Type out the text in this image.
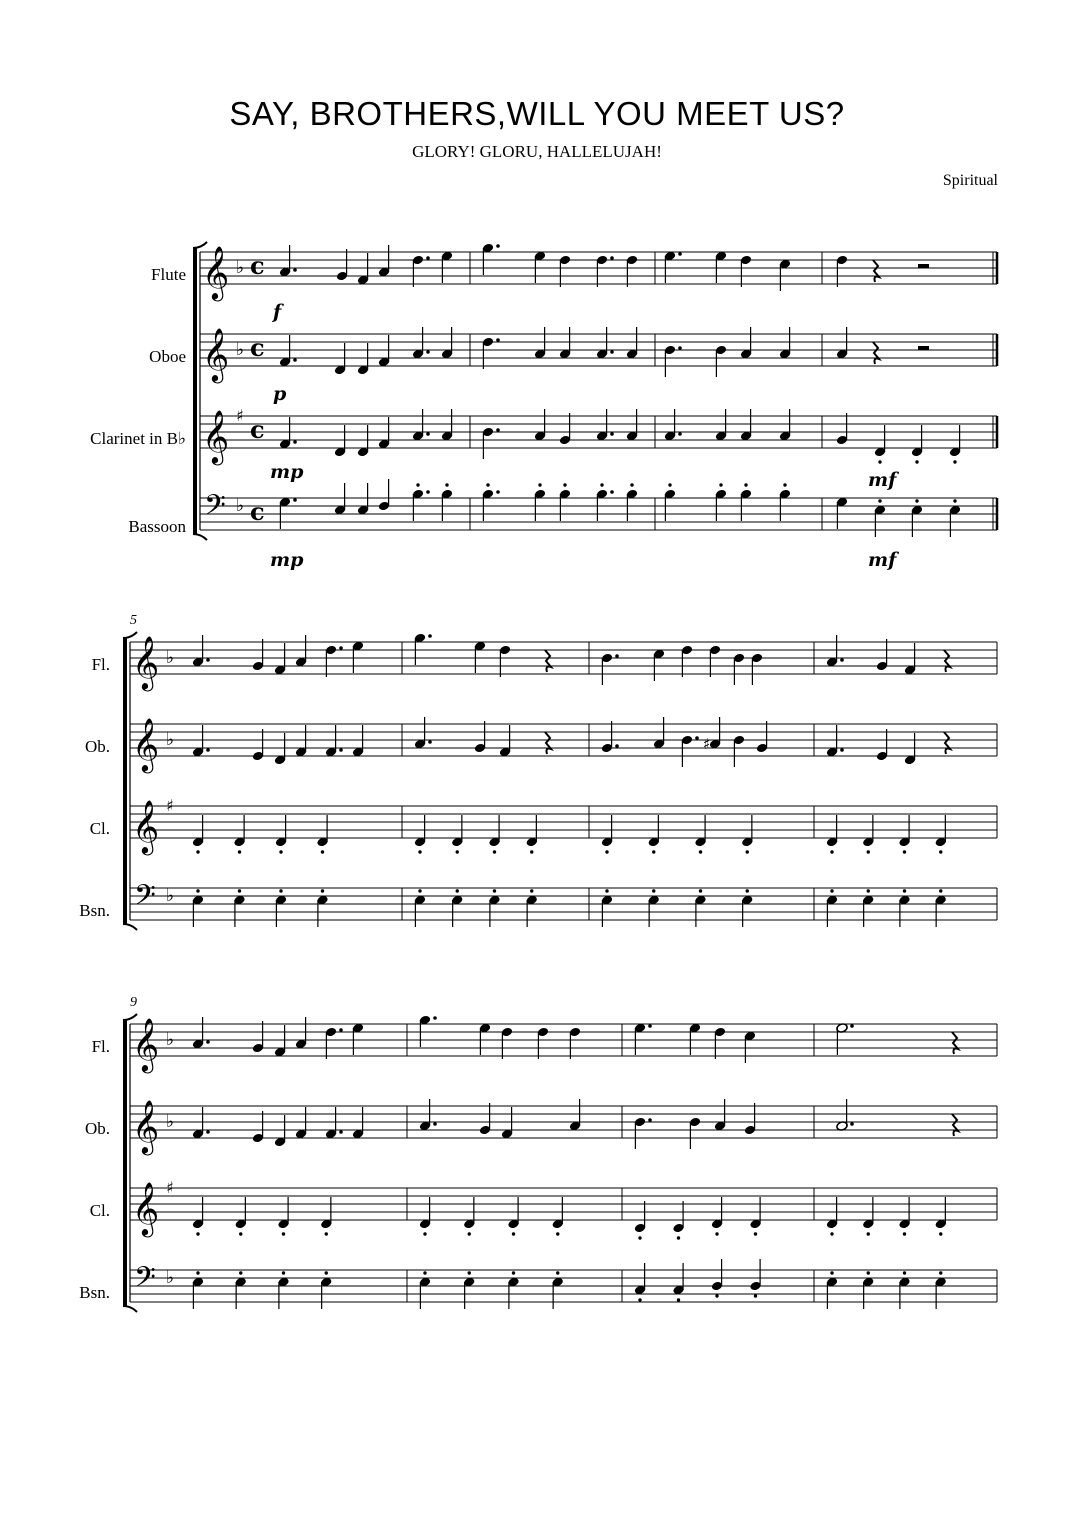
SAY, BROTHERS,WILL YOU MEET US?
GLORY! GLORU, HALLELUJAH!
Spiritual
Flute
Oboe
Clarinet in B♭
Bassoon
Fl.
Ob.
Cl.
Bsn.
Fl.
Ob.
Cl.
Bsn.
5
9
𝄞
𝄞
𝄞
𝄢
♭
♭
♯
♭
c
c
c
c
f
p
mp	mf
mp	mf
𝄞
𝄞
𝄞
𝄢
♭
♭
♯
♭
♯
𝄞
𝄞
𝄞
𝄢
♭
♭
♯
♭
